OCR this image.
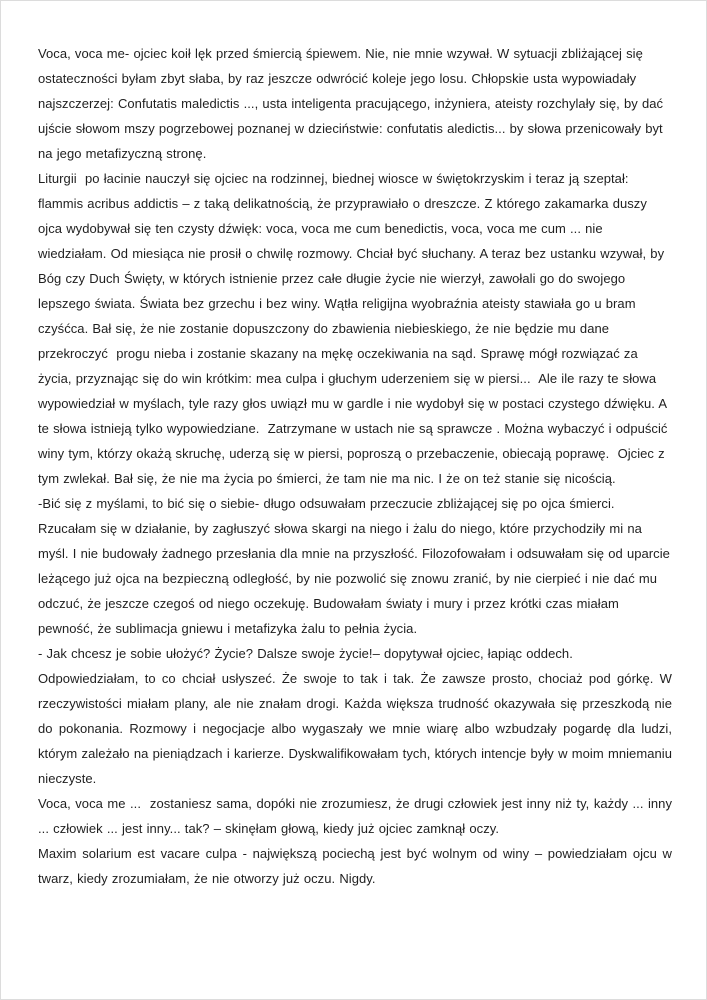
Voca, voca me- ojciec koił lęk przed śmiercią śpiewem. Nie, nie mnie wzywał. W sytuacji zbliżającej się ostateczności byłam zbyt słaba, by raz jeszcze odwrócić koleje jego losu. Chłopskie usta wypowiadały najszczerzej: Confutatis maledictis ..., usta inteligenta pracującego, inżyniera, ateisty rozchylały się, by dać ujście słowom mszy pogrzebowej poznanej w dzieciństwie: confutatis aledictis... by słowa przenicowały byt na jego metafizyczną stronę.

Liturgii  po łacinie nauczył się ojciec na rodzinnej, biednej wiosce w świętokrzyskim i teraz ją szeptał:  flammis acribus addictis – z taką delikatnością, że przyprawiało o dreszcze. Z którego zakamarka duszy ojca wydobywał się ten czysty dźwięk: voca, voca me cum benedictis, voca, voca me cum ... nie wiedziałam. Od miesiąca nie prosił o chwilę rozmowy. Chciał być słuchany. A teraz bez ustanku wzywał, by Bóg czy Duch Święty, w których istnienie przez całe długie życie nie wierzył, zawołali go do swojego lepszego świata. Świata bez grzechu i bez winy. Wątła religijna wyobraźnia ateisty stawiała go u bram czyśćca. Bał się, że nie zostanie dopuszczony do zbawienia niebieskiego, że nie będzie mu dane przekroczyć  progu nieba i zostanie skazany na mękę oczekiwania na sąd. Sprawę mógł rozwiązać za życia, przyznając się do win krótkim: mea culpa i głuchym uderzeniem się w piersi...  Ale ile razy te słowa wypowiedział w myślach, tyle razy głos uwiązł mu w gardle i nie wydobył się w postaci czystego dźwięku. A te słowa istnieją tylko wypowiedziane.  Zatrzymane w ustach nie są sprawcze . Można wybaczyć i odpuścić winy tym, którzy okażą skruchę, uderzą się w piersi, poproszą o przebaczenie, obiecają poprawę.  Ojciec z tym zwlekał. Bał się, że nie ma życia po śmierci, że tam nie ma nic. I że on też stanie się nicością.

-Bić się z myślami, to bić się o siebie- długo odsuwałam przeczucie zbliżającej się po ojca śmierci. Rzucałam się w działanie, by zagłuszyć słowa skargi na niego i żalu do niego, które przychodziły mi na myśl. I nie budowały żadnego przesłania dla mnie na przyszłość. Filozofowałam i odsuwałam się od uparcie leżącego już ojca na bezpieczną odległość, by nie pozwolić się znowu zranić, by nie cierpieć i nie dać mu odczuć, że jeszcze czegoś od niego oczekuję. Budowałam światy i mury i przez krótki czas miałam pewność, że sublimacja gniewu i metafizyka żalu to pełnia życia.

- Jak chcesz je sobie ułożyć? Życie? Dalsze swoje życie!– dopytywał ojciec, łapiąc oddech.

Odpowiedziałam, to co chciał usłyszeć. Że swoje to tak i tak. Że zawsze prosto, chociaż pod górkę. W rzeczywistości miałam plany, ale nie znałam drogi. Każda większa trudność okazywała się przeszkodą nie do pokonania. Rozmowy i negocjacje albo wygaszały we mnie wiarę albo wzbudzały pogardę dla ludzi, którym zależało na pieniądzach i karierze. Dyskwalifikowałam tych, których intencje były w moim mniemaniu nieczyste.

Voca, voca me ...  zostaniesz sama, dopóki nie zrozumiesz, że drugi człowiek jest inny niż ty, każdy ... inny ... człowiek ... jest inny... tak? – skinęłam głową, kiedy już ojciec zamknął oczy.

Maxim solarium est vacare culpa - największą pociechą jest być wolnym od winy – powiedziałam ojcu w twarz, kiedy zrozumiałam, że nie otworzy już oczu. Nigdy.
